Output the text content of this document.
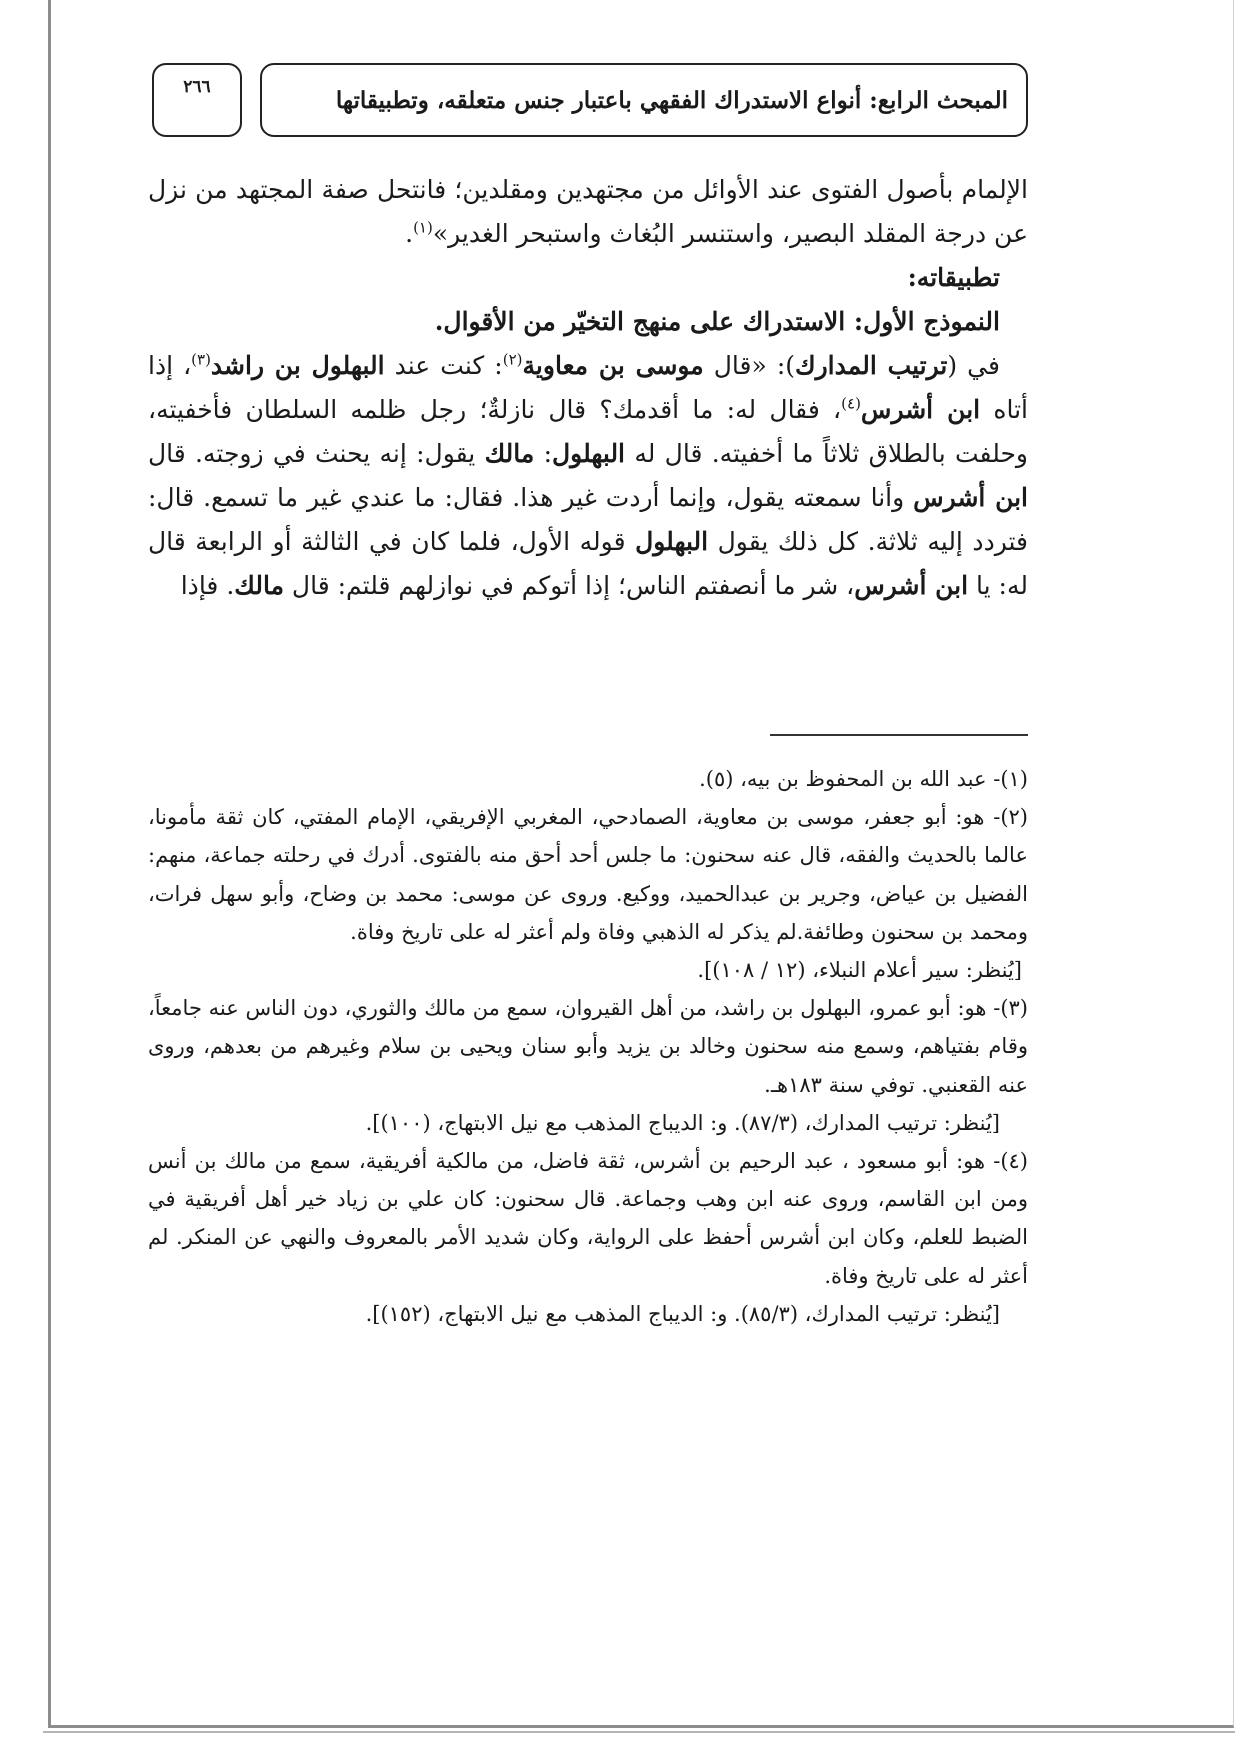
المبحث الرابع: أنواع الاستدراك الفقهي باعتبار جنس متعلقه، وتطبيقاتها
٢٦٦

الإلمام بأصول الفتوى عند الأوائل من مجتهدين ومقلدين؛ فانتحل صفة المجتهد من نزل عن درجة المقلد البصير، واستنسر البُغاث واستبحر الغدير»$^{(١)}$.

تطبيقاته:

النموذج الأول: الاستدراك على منهج التخيّر من الأقوال.

في (ترتيب المدارك): «قال موسى بن معاوية$^{(٢)}$: كنت عند البهلول بن راشد$^{(٣)}$، إذا أتاه ابن أشرس$^{(٤)}$، فقال له: ما أقدمك؟ قال نازلةٌ؛ رجل ظلمه السلطان فأخفيته، وحلفت بالطلاق ثلاثاً ما أخفيته. قال له البهلول: مالك يقول: إنه يحنث في زوجته. قال ابن أشرس وأنا سمعته يقول، وإنما أردت غير هذا. فقال: ما عندي غير ما تسمع. قال: فتردد إليه ثلاثة. كل ذلك يقول البهلول قوله الأول، فلما كان في الثالثة أو الرابعة قال له: يا ابن أشرس، شر ما أنصفتم الناس؛ إذا أتوكم في نوازلهم قلتم: قال مالك. فإذا

(١)- عبد الله بن المحفوظ بن بيه، (٥).

(٢)- هو: أبو جعفر، موسى بن معاوية، الصمادحي، المغربي الإفريقي، الإمام المفتي، كان ثقة مأمونا، عالما بالحديث والفقه، قال عنه سحنون: ما جلس أحد أحق منه بالفتوى. أدرك في رحلته جماعة، منهم: الفضيل بن عياض، وجرير بن عبدالحميد، ووكيع. وروى عن موسى: محمد بن وضاح، وأبو سهل فرات، ومحمد بن سحنون وطائفة.لم يذكر له الذهبي وفاة ولم أعثر له على تاريخ وفاة.

[يُنظر: سير أعلام النبلاء، (١٢ / ١٠٨)].

(٣)- هو: أبو عمرو، البهلول بن راشد، من أهل القيروان، سمع من مالك والثوري، دون الناس عنه جامعاً، وقام بفتياهم، وسمع منه سحنون وخالد بن يزيد وأبو سنان ويحيى بن سلام وغيرهم من بعدهم، وروى عنه القعنبي. توفي سنة ١٨٣هـ.

[يُنظر: ترتيب المدارك، (٨٧/٣). و: الديباج المذهب مع نيل الابتهاج، (١٠٠)].

(٤)- هو: أبو مسعود ، عبد الرحيم بن أشرس، ثقة فاضل، من مالكية أفريقية، سمع من مالك بن أنس ومن ابن القاسم، وروى عنه ابن وهب وجماعة. قال سحنون: كان علي بن زياد خير أهل أفريقية في الضبط للعلم، وكان ابن أشرس أحفظ على الرواية، وكان شديد الأمر بالمعروف والنهي عن المنكر. لم أعثر له على تاريخ وفاة.

[يُنظر: ترتيب المدارك، (٨٥/٣). و: الديباج المذهب مع نيل الابتهاج، (١٥٢)].
